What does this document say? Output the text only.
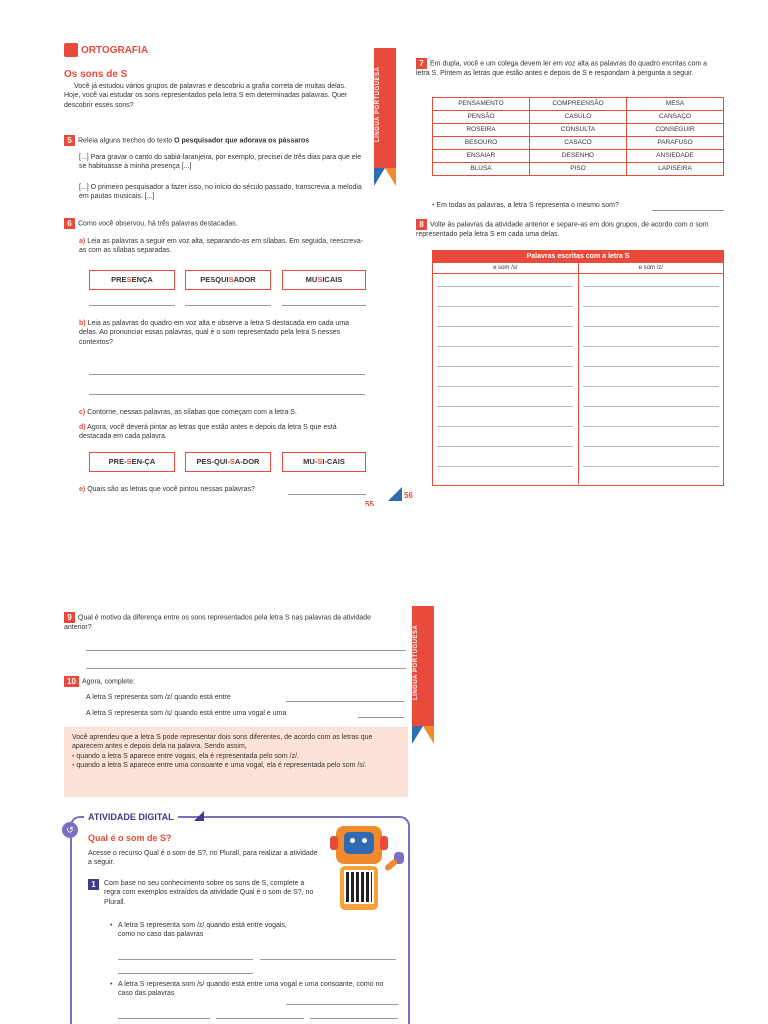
ORTOGRAFIA
Os sons de S
Você já estudou vários grupos de palavras e descobriu a grafia correta de muitas delas. Hoje, você vai estudar os sons representados pela letra S em determinadas palavras. Quer descobrir esses sons?
5 Releia alguns trechos do texto O pesquisador que adorava os pássaros
[...] Para gravar o canto do sabiá-laranjeira, por exemplo, precisei de três dias para que ele se habituasse à minha presença [...]
[...] O primeiro pesquisador a fazer isso, no início do século passado, transcrevia a melodia em pautas musicais. [...]
LÍNGUA PORTUGUESA
6 Como você observou, há três palavras destacadas.
a) Leia as palavras a seguir em voz alta, separando-as em sílabas. Em seguida, reescreva-as com as sílabas separadas.
PRESENÇA	PESQUISADOR	MUSICAIS
b) Leia as palavras do quadro em voz alta e observe a letra S destacada em cada uma delas. Ao pronunciar essas palavras, qual é o som representado pela letra S nesses contextos?
c) Contorne, nessas palavras, as sílabas que começam com a letra S.
d) Agora, você deverá pintar as letras que estão antes e depois da letra S que está destacada em cada palavra.
PRE-SEN-ÇA	PES-QUI-SA-DOR	MU-SI-CAIS
e) Quais são as letras que você pintou nessas palavras?
55
56
7 Em dupla, você e um colega devem ler em voz alta as palavras do quadro escritas com a letra S. Pintem as letras que estão antes e depois de S e respondam à pergunta a seguir.
PENSAMENTO	COMPREENSÃO	MESA
PENSÃO	CASULO	CANSAÇO
ROSEIRA	CONSULTA	CONSEGUIR
BESOURO	CASACO	PARAFUSO
ENSAIAR	DESENHO	ANSIEDADE
BLUSA	PISO	LAPISEIRA
• Em todas as palavras, a letra S representa o mesmo som?
8 Volte às palavras da atividade anterior e separe-as em dois grupos, de acordo com o som representado pela letra S em cada uma delas.
Palavras escritas com a letra S
e som /s/	e som /z/
LÍNGUA PORTUGUESA
9 Qual é motivo da diferença entre os sons representados pela letra S nas palavras da atividade anterior?
10 Agora, complete:
A letra S representa som /z/ quando está entre
A letra S representa som /s/ quando está entre uma vogal e uma
Você aprendeu que a letra S pode representar dois sons diferentes, de acordo com as letras que aparecem antes e depois dela na palavra. Sendo assim,
• quando a letra S aparece entre vogais, ela é representada pelo som /z/.
• quando a letra S aparece entre uma consoante e uma vogal, ela é representada pelo som /s/.
↺
ATIVIDADE DIGITAL
Qual é o som de S?
Acesse o recurso Qual é o som de S?, no Plurall, para realizar a atividade a seguir.
1	Com base no seu conhecimento sobre os sons de S, complete a regra com exemplos extraídos da atividade Qual é o som de S?, no Plurall.
• A letra S representa som /z/ quando está entre vogais, como no caso das palavras
• A letra S representa som /s/ quando está entre uma vogal e uma consoante, como no caso das palavras
